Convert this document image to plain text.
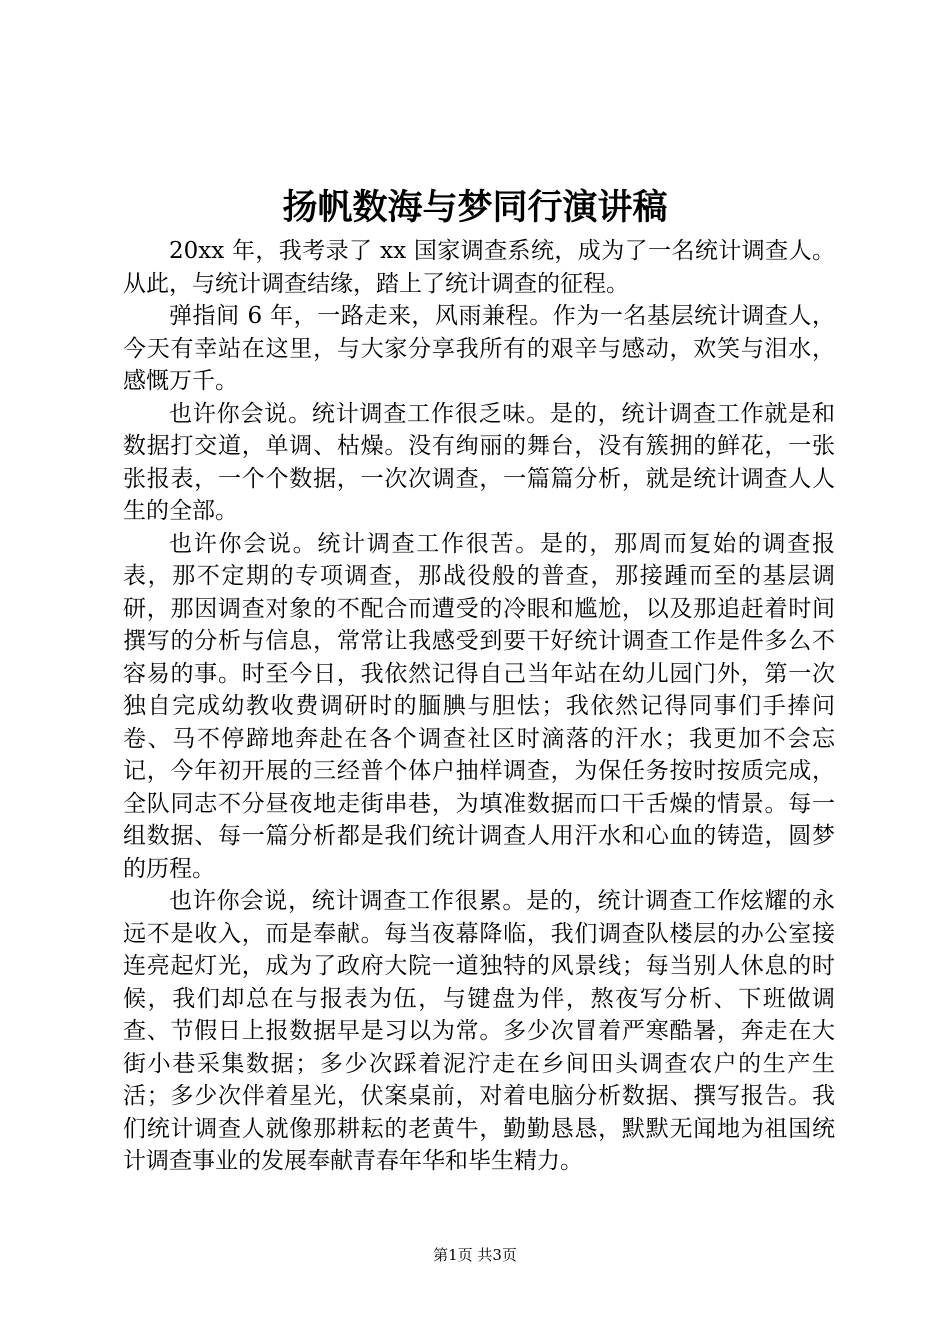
扬帆数海与梦同行演讲稿

20xx 年，我考录了 xx 国家调查系统，成为了一名统计调查人。从此，与统计调查结缘，踏上了统计调查的征程。

弹指间 6 年，一路走来，风雨兼程。作为一名基层统计调查人，今天有幸站在这里，与大家分享我所有的艰辛与感动，欢笑与泪水，感慨万千。

也许你会说。统计调查工作很乏味。是的，统计调查工作就是和数据打交道，单调、枯燥。没有绚丽的舞台，没有簇拥的鲜花，一张张报表，一个个数据，一次次调查，一篇篇分析，就是统计调查人人生的全部。

也许你会说。统计调查工作很苦。是的，那周而复始的调查报表，那不定期的专项调查，那战役般的普查，那接踵而至的基层调研，那因调查对象的不配合而遭受的冷眼和尴尬，以及那追赶着时间撰写的分析与信息，常常让我感受到要干好统计调查工作是件多么不容易的事。时至今日，我依然记得自己当年站在幼儿园门外，第一次独自完成幼教收费调研时的腼腆与胆怯；我依然记得同事们手捧问卷、马不停蹄地奔赴在各个调查社区时滴落的汗水；我更加不会忘记，今年初开展的三经普个体户抽样调查，为保任务按时按质完成，全队同志不分昼夜地走街串巷，为填准数据而口干舌燥的情景。每一组数据、每一篇分析都是我们统计调查人用汗水和心血的铸造，圆梦的历程。

也许你会说，统计调查工作很累。是的，统计调查工作炫耀的永远不是收入，而是奉献。每当夜幕降临，我们调查队楼层的办公室接连亮起灯光，成为了政府大院一道独特的风景线；每当别人休息的时候，我们却总在与报表为伍，与键盘为伴，熬夜写分析、下班做调查、节假日上报数据早是习以为常。多少次冒着严寒酷暑，奔走在大街小巷采集数据；多少次踩着泥泞走在乡间田头调查农户的生产生活；多少次伴着星光，伏案桌前，对着电脑分析数据、撰写报告。我们统计调查人就像那耕耘的老黄牛，勤勤恳恳，默默无闻地为祖国统计调查事业的发展奉献青春年华和毕生精力。

第1页 共3页
